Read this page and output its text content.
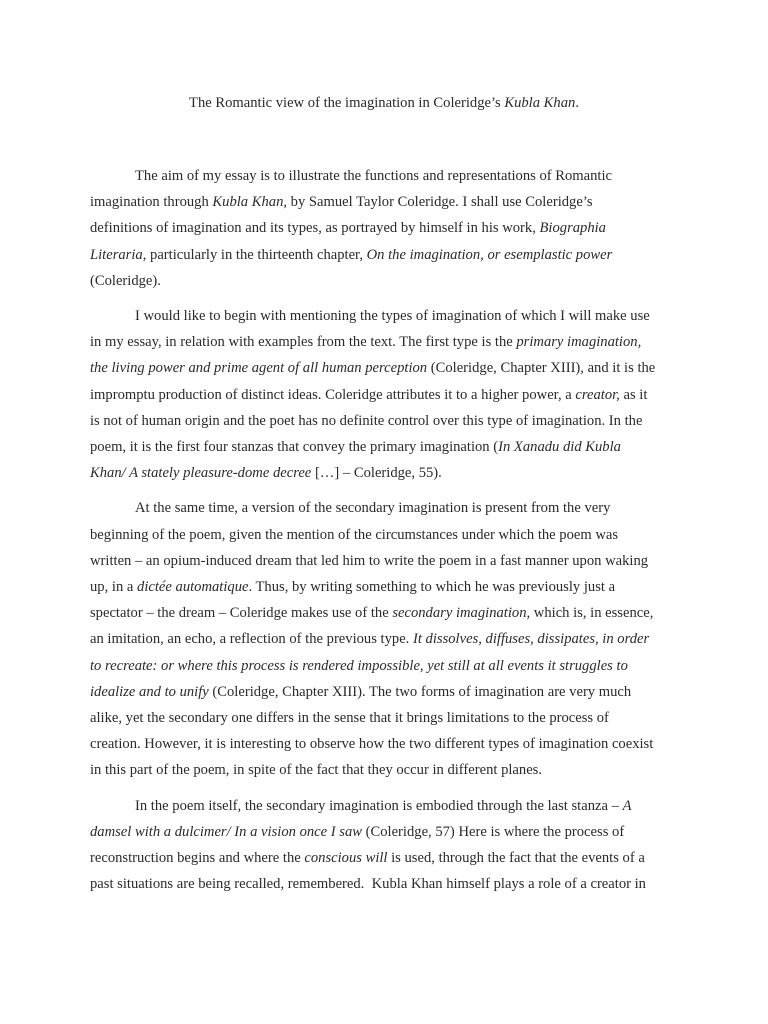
The Romantic view of the imagination in Coleridge’s Kubla Khan.
The aim of my essay is to illustrate the functions and representations of Romantic
imagination through Kubla Khan, by Samuel Taylor Coleridge. I shall use Coleridge’s
definitions of imagination and its types, as portrayed by himself in his work, Biographia
Literaria, particularly in the thirteenth chapter, On the imagination, or esemplastic power
(Coleridge).
I would like to begin with mentioning the types of imagination of which I will make use
in my essay, in relation with examples from the text. The first type is the primary imagination,
the living power and prime agent of all human perception (Coleridge, Chapter XIII), and it is the
impromptu production of distinct ideas. Coleridge attributes it to a higher power, a creator, as it
is not of human origin and the poet has no definite control over this type of imagination. In the
poem, it is the first four stanzas that convey the primary imagination (In Xanadu did Kubla
Khan/ A stately pleasure-dome decree […] – Coleridge, 55).
At the same time, a version of the secondary imagination is present from the very
beginning of the poem, given the mention of the circumstances under which the poem was
written – an opium-induced dream that led him to write the poem in a fast manner upon waking
up, in a dictée automatique. Thus, by writing something to which he was previously just a
spectator – the dream – Coleridge makes use of the secondary imagination, which is, in essence,
an imitation, an echo, a reflection of the previous type. It dissolves, diffuses, dissipates, in order
to recreate: or where this process is rendered impossible, yet still at all events it struggles to
idealize and to unify (Coleridge, Chapter XIII). The two forms of imagination are very much
alike, yet the secondary one differs in the sense that it brings limitations to the process of
creation. However, it is interesting to observe how the two different types of imagination coexist
in this part of the poem, in spite of the fact that they occur in different planes.
In the poem itself, the secondary imagination is embodied through the last stanza – A
damsel with a dulcimer/ In a vision once I saw (Coleridge, 57) Here is where the process of
reconstruction begins and where the conscious will is used, through the fact that the events of a
past situations are being recalled, remembered.  Kubla Khan himself plays a role of a creator in
